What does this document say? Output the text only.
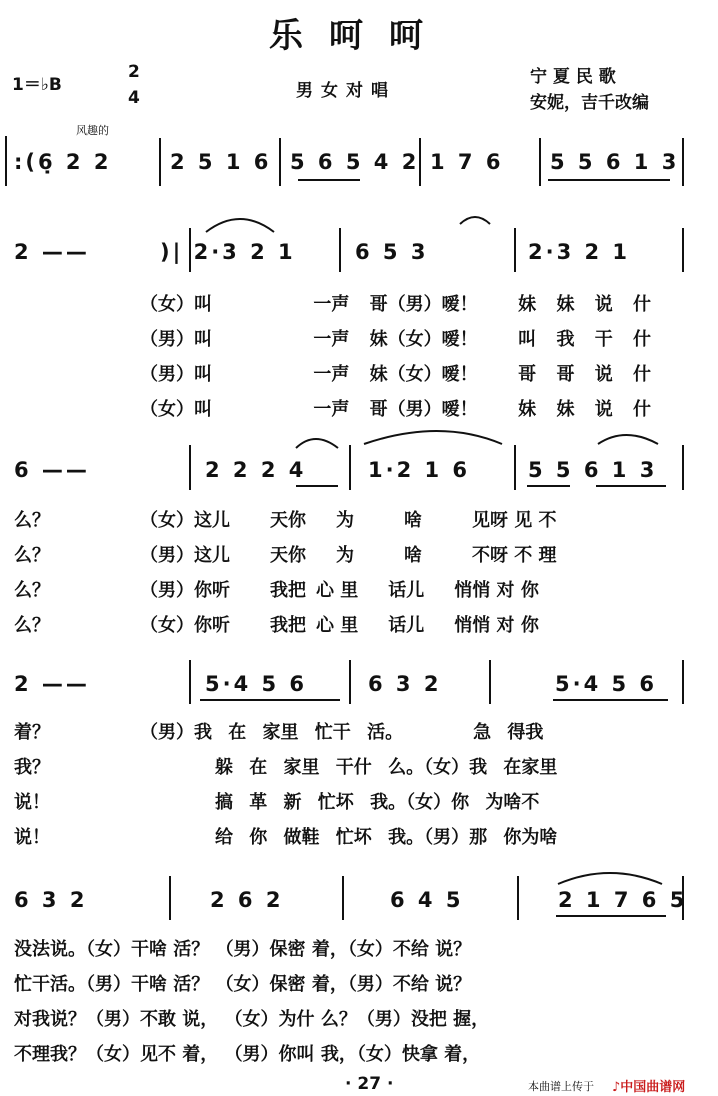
乐呵呵
1＝♭B
2
4	男女对唱
宁 夏 民 歌
安妮，吉千改编
风趣的
:(6̣ 2 2	2 5 1 6 5 6 5 4 2 1 7 6 5 5 6 1 3
2 ——	)| 2·3 2 1	6 5 3	2·3 2 1
（女）叫	一声 哥（男）嗳！ 妹 妹 说 什
（男）叫	一声 妹（女）嗳！ 叫 我 干 什
（男）叫	一声 妹（女）嗳！ 哥 哥 说 什
（女）叫	一声 哥（男）嗳！ 妹 妹 说 什
6 ——	2 2 2 4	1·2 1 6	5 5 6 1 3
么？	（女）这儿 天你 为	啥	见呀 见 不
么？	（男）这儿 天你 为	啥	不呀 不 理
么？	（男）你听 我把 心 里 话儿 悄悄 对 你
么？	（女）你听 我把 心 里 话儿 悄悄 对 你
2 ——	5·4 5 6	6 3 2	5·4 5 6
着？	（男）我 在 家里 忙干 活。	急 得我
我？	躲 在 家里 干什 么。（女）我 在家里
说！	搞 革 新 忙坏 我。（女）你 为啥不
说！	给 你 做鞋 忙坏 我。（男）那 你为啥
6 3 2	2 6 2	6 4 5	2 1 7 6 5
没法说。（女）干啥 活？ （男）保密 着，（女）不给 说？
忙干活。（男）干啥 活？ （女）保密 着，（男）不给 说？
对我说？（男）不敢 说， （女）为什 么？（男）没把 握，
不理我？（女）见不 着， （男）你叫 我，（女）快拿 着，
· 27 ·	本曲谱上传于 ♪中国曲谱网
